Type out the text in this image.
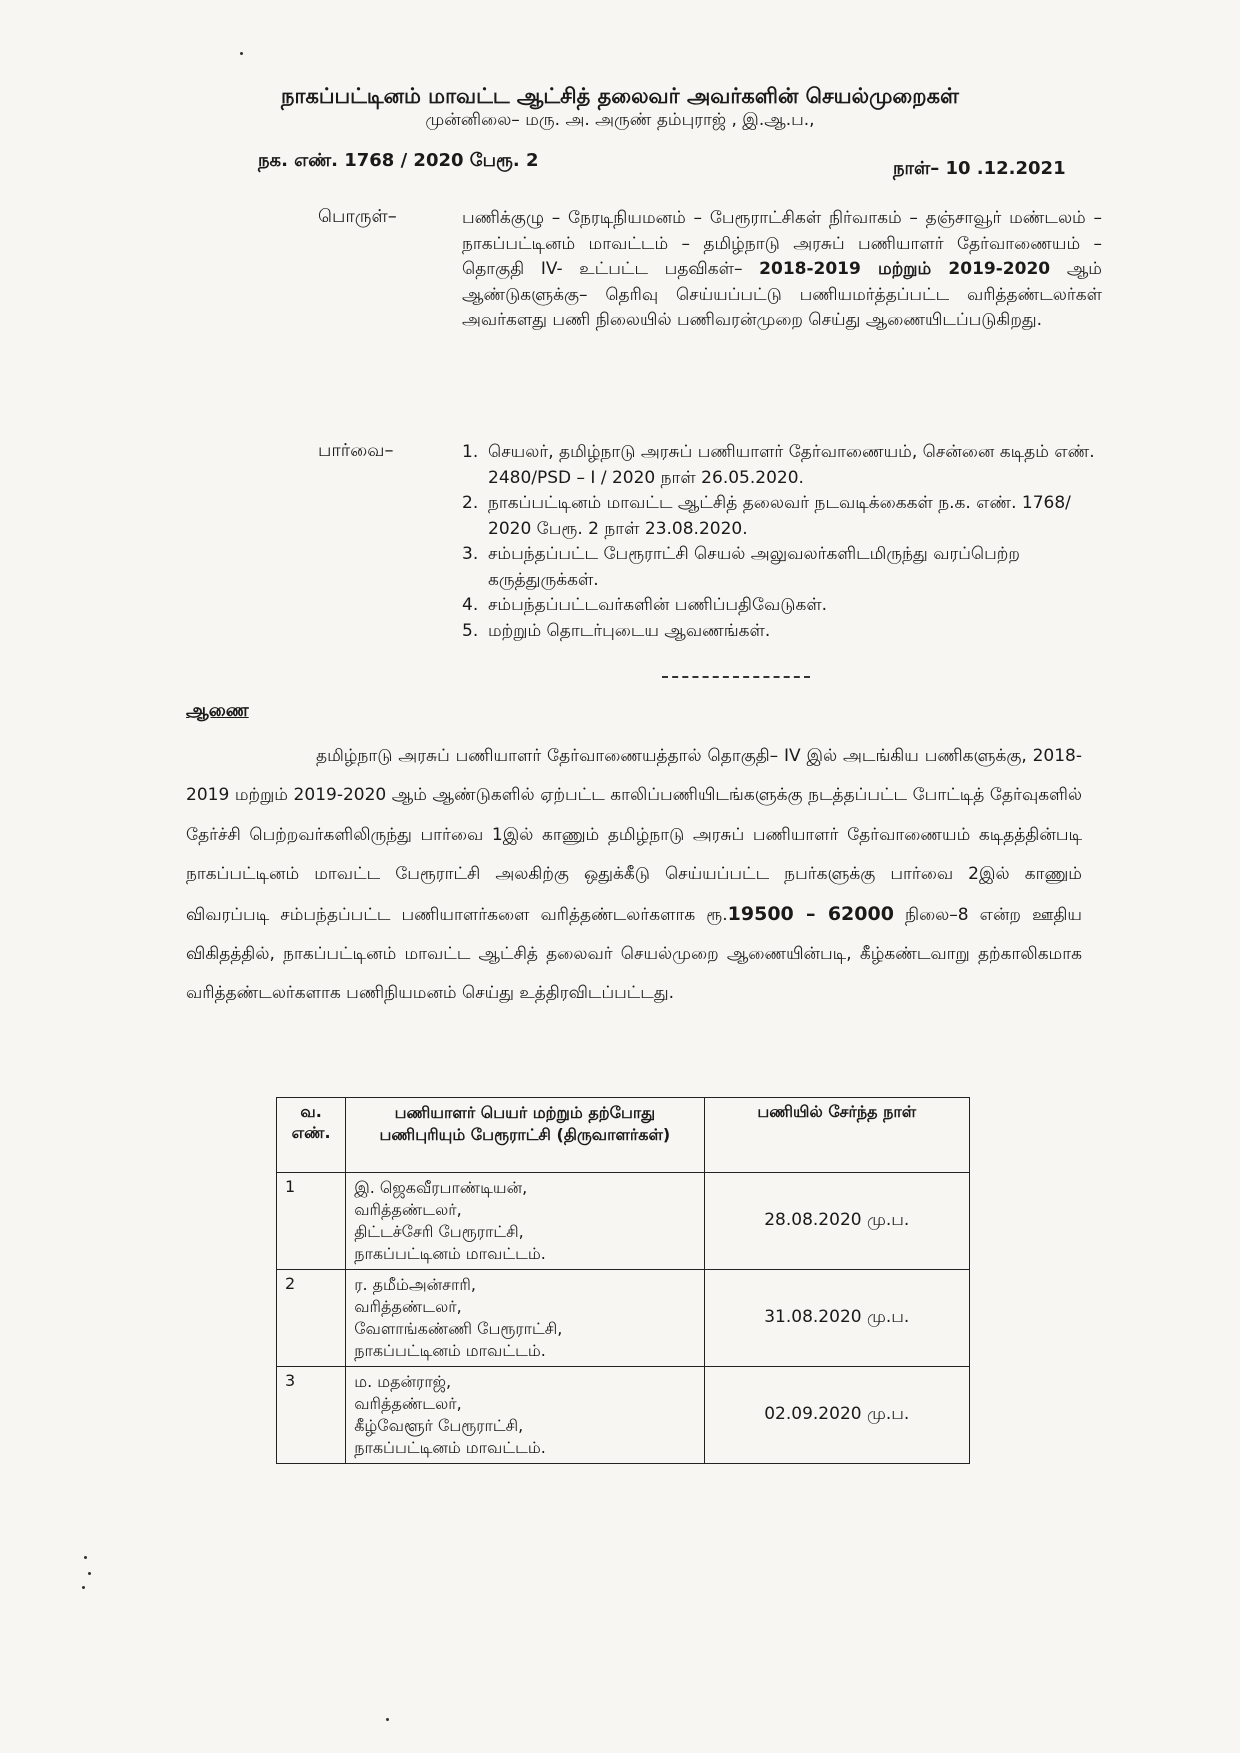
நாகப்பட்டினம் மாவட்ட ஆட்சித் தலைவர் அவர்களின் செயல்முறைகள்
முன்னிலை– மரு. அ. அருண் தம்புராஜ் , இ.ஆ.ப.,
நக. எண். 1768 / 2020 பேரூ. 2	நாள்– 10 .12.2021
பொருள்–	பணிக்குழு – நேரடிநியமனம் – பேரூராட்சிகள் நிர்வாகம் – தஞ்சாவூர் மண்டலம் – நாகப்பட்டினம் மாவட்டம் – தமிழ்நாடு அரசுப் பணியாளர் தேர்வாணையம் – தொகுதி IV- உட்பட்ட பதவிகள்– 2018-2019 மற்றும் 2019-2020 ஆம் ஆண்டுகளுக்கு– தெரிவு செய்யப்பட்டு பணியமர்த்தப்பட்ட வரித்தண்டலர்கள் அவர்களது பணி நிலையில் பணிவரன்முறை செய்து ஆணையிடப்படுகிறது.
பார்வை–	1. செயலர், தமிழ்நாடு அரசுப் பணியாளர் தேர்வாணையம், சென்னை கடிதம் எண். 2480/PSD – I / 2020 நாள் 26.05.2020.
2. நாகப்பட்டினம் மாவட்ட ஆட்சித் தலைவர் நடவடிக்கைகள் ந.க. எண். 1768/ 2020 பேரூ. 2 நாள் 23.08.2020.
3. சம்பந்தப்பட்ட பேரூராட்சி செயல் அலுவலர்களிடமிருந்து வரப்பெற்ற கருத்துருக்கள்.
4. சம்பந்தப்பட்டவர்களின் பணிப்பதிவேடுகள்.
5. மற்றும் தொடர்புடைய ஆவணங்கள்.
ஆணை
தமிழ்நாடு அரசுப் பணியாளர் தேர்வாணையத்தால் தொகுதி– IV இல் அடங்கிய பணிகளுக்கு, 2018-2019 மற்றும் 2019-2020 ஆம் ஆண்டுகளில் ஏற்பட்ட காலிப்பணியிடங்களுக்கு நடத்தப்பட்ட போட்டித் தேர்வுகளில் தேர்ச்சி பெற்றவர்களிலிருந்து பார்வை 1இல் காணும் தமிழ்நாடு அரசுப் பணியாளர் தேர்வாணையம் கடிதத்தின்படி நாகப்பட்டினம் மாவட்ட பேரூராட்சி அலகிற்கு ஒதுக்கீடு செய்யப்பட்ட நபர்களுக்கு பார்வை 2இல் காணும் விவரப்படி சம்பந்தப்பட்ட பணியாளர்களை வரித்தண்டலர்களாக ரூ.19500 – 62000 நிலை–8 என்ற ஊதிய விகிதத்தில், நாகப்பட்டினம் மாவட்ட ஆட்சித் தலைவர் செயல்முறை ஆணையின்படி, கீழ்கண்டவாறு தற்காலிகமாக வரித்தண்டலர்களாக பணிநியமனம் செய்து உத்திரவிடப்பட்டது.
வ. எண்.	பணியாளர் பெயர் மற்றும் தற்போது பணிபுரியும் பேரூராட்சி (திருவாளர்கள்)	பணியில் சேர்ந்த நாள்
1	இ. ஜெகவீரபாண்டியன்,
வரித்தண்டலர்,
திட்டச்சேரி பேரூராட்சி,
நாகப்பட்டினம் மாவட்டம்.	28.08.2020 மு.ப.
2	ர. தமீம்அன்சாரி,
வரித்தண்டலர்,
வேளாங்கண்ணி பேரூராட்சி,
நாகப்பட்டினம் மாவட்டம்.	31.08.2020 மு.ப.
3	ம. மதன்ராஜ்,
வரித்தண்டலர்,
கீழ்வேளூர் பேரூராட்சி,
நாகப்பட்டினம் மாவட்டம்.	02.09.2020 மு.ப.
